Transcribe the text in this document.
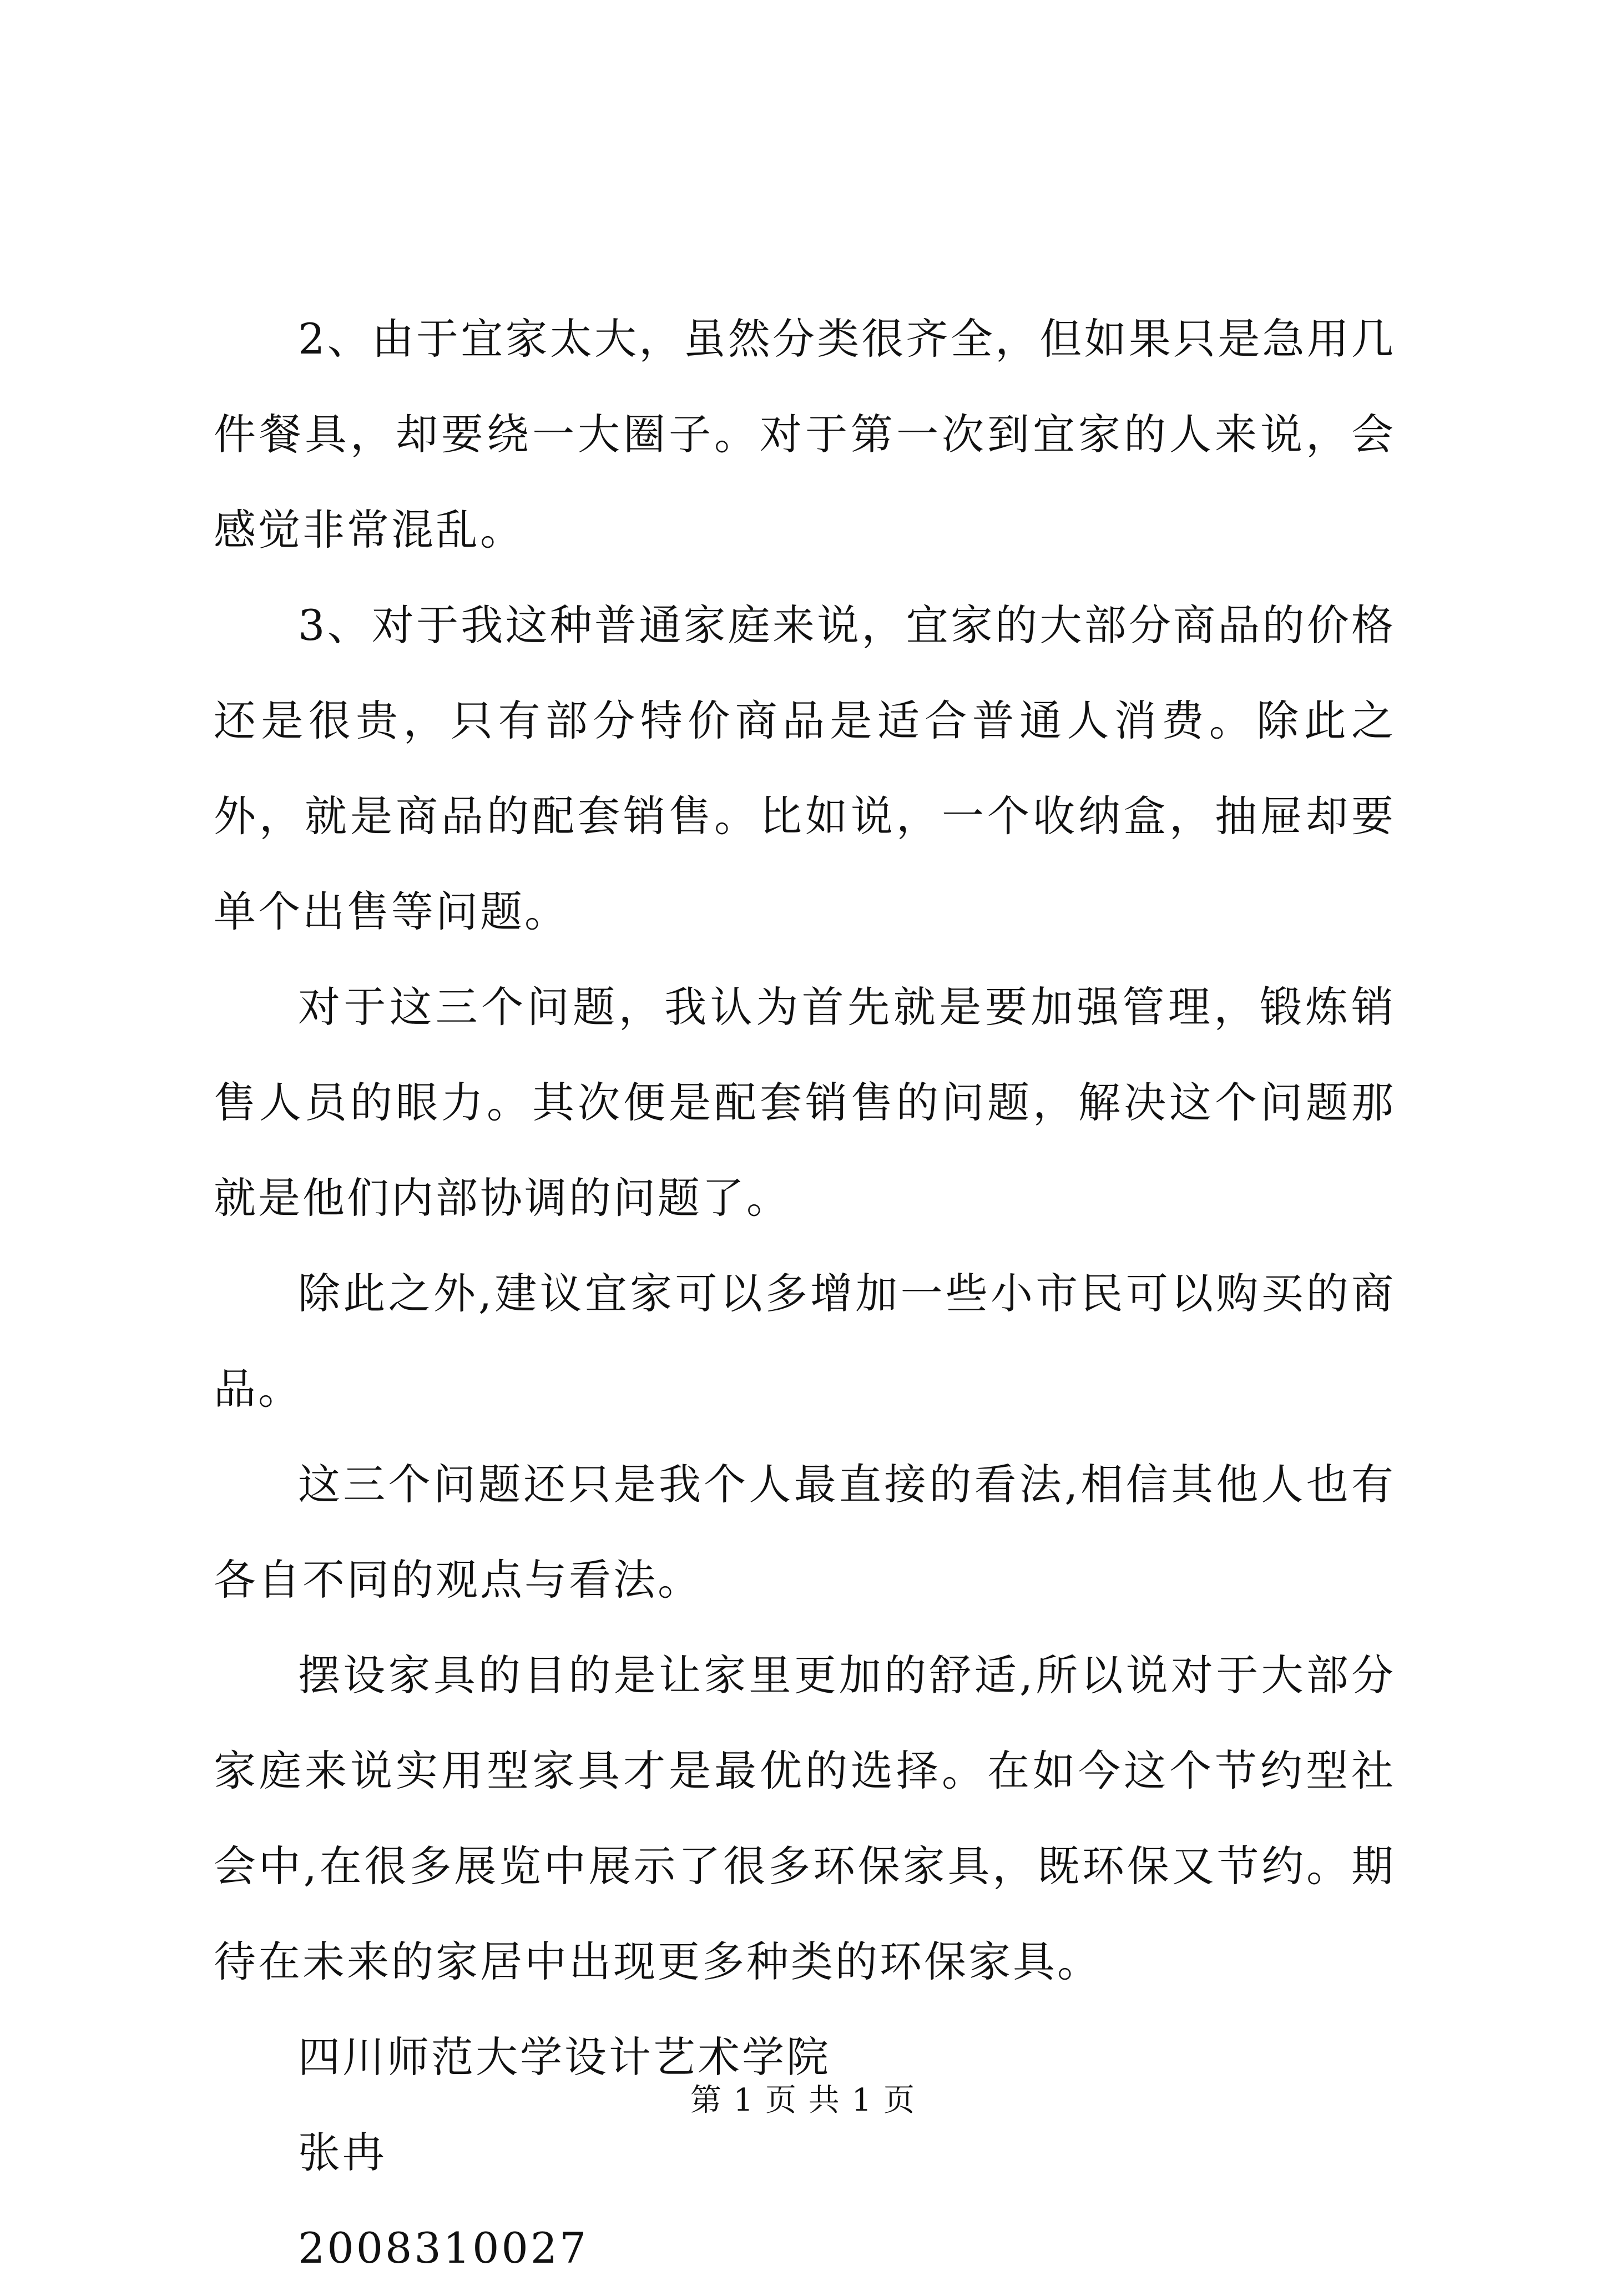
2、由于宜家太大，虽然分类很齐全，但如果只是急用几件餐具，却要绕一大圈子。对于第一次到宜家的人来说，会感觉非常混乱。

3、对于我这种普通家庭来说，宜家的大部分商品的价格还是很贵，只有部分特价商品是适合普通人消费。除此之外，就是商品的配套销售。比如说，一个收纳盒，抽屉却要单个出售等问题。

对于这三个问题，我认为首先就是要加强管理，锻炼销售人员的眼力。其次便是配套销售的问题，解决这个问题那就是他们内部协调的问题了。

除此之外,建议宜家可以多增加一些小市民可以购买的商品。

这三个问题还只是我个人最直接的看法,相信其他人也有各自不同的观点与看法。

摆设家具的目的是让家里更加的舒适,所以说对于大部分家庭来说实用型家具才是最优的选择。在如今这个节约型社会中,在很多展览中展示了很多环保家具，既环保又节约。期待在未来的家居中出现更多种类的环保家具。

四川师范大学设计艺术学院

张冉

2008310027

第 1 页 共 1 页
